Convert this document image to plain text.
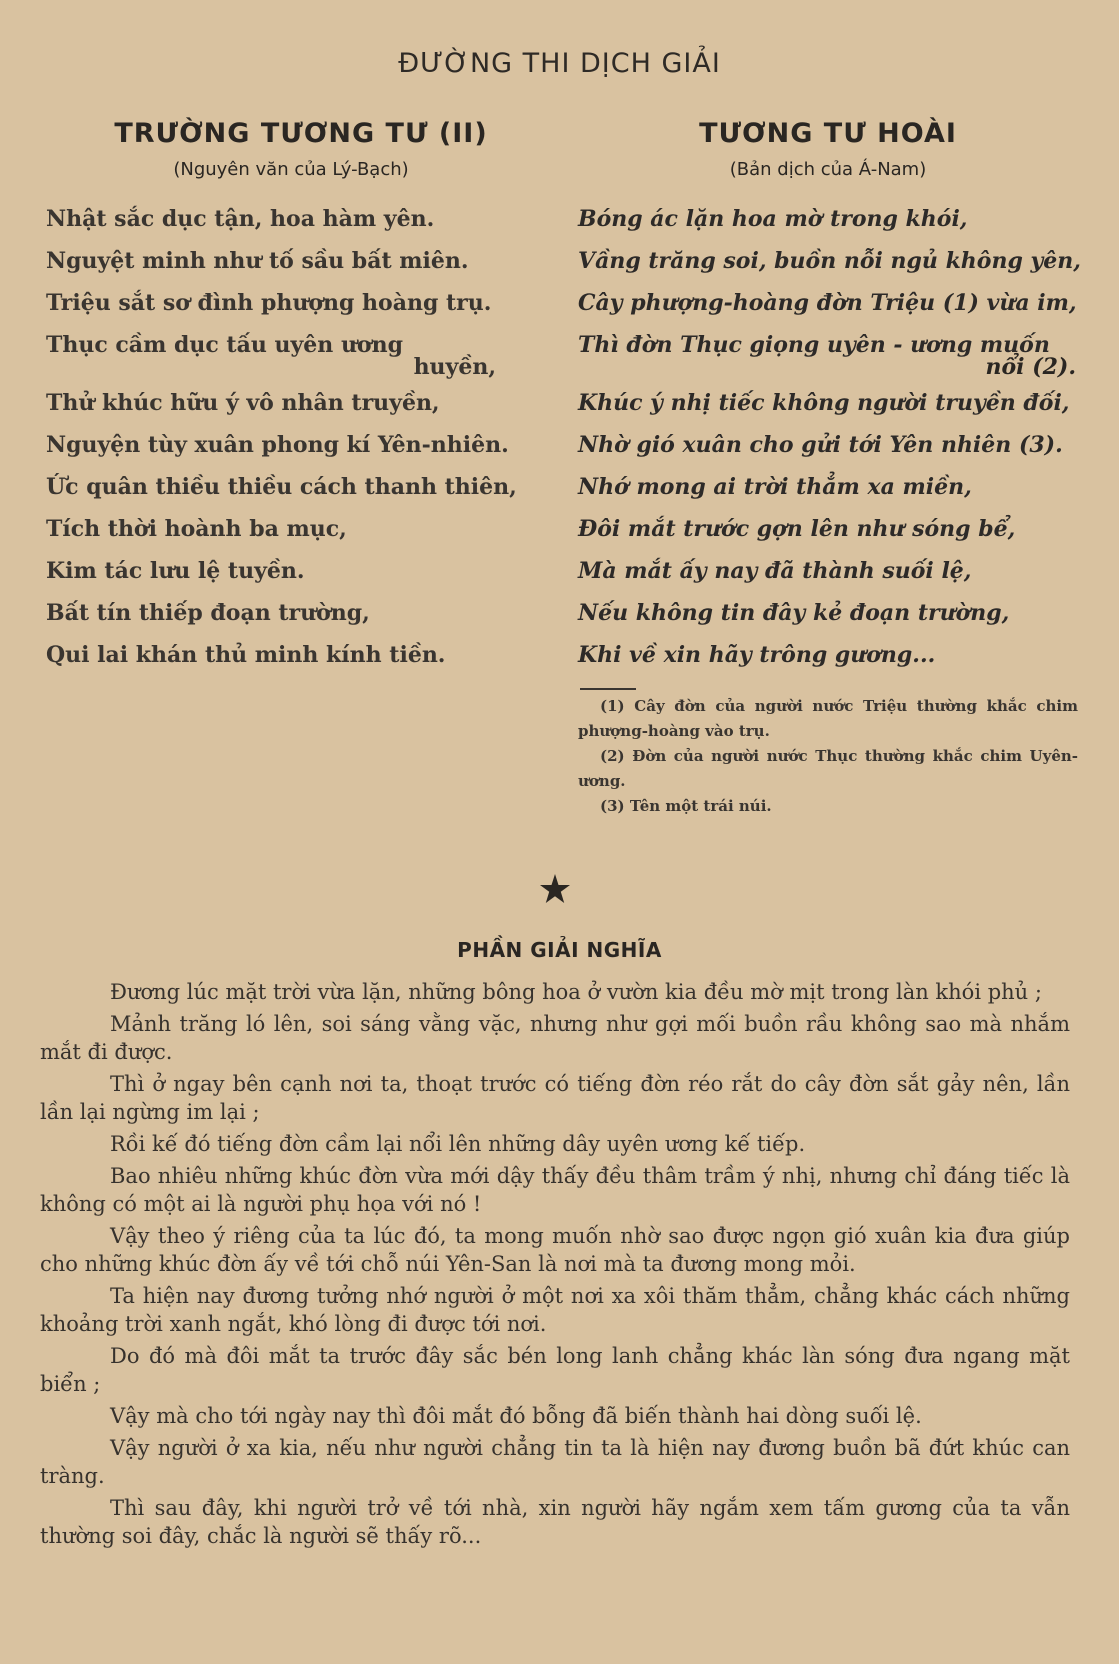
ĐƯỜNG THI DỊCH GIẢI
TRƯỜNG TƯƠNG TƯ (II)
(Nguyên văn của Lý-Bạch)
Nhật sắc dục tận, hoa hàm yên.
Nguyệt minh như tố sầu bất miên.
Triệu sắt sơ đình phượng hoàng trụ.
Thục cầm dục tấu uyên ương
huyền,
Thử khúc hữu ý vô nhân truyền,
Nguyện tùy xuân phong kí Yên-nhiên.
Ức quân thiều thiều cách thanh thiên,
Tích thời hoành ba mục,
Kim tác lưu lệ tuyền.
Bất tín thiếp đoạn trường,
Qui lai khán thủ minh kính tiền.
TƯƠNG TƯ HOÀI
(Bản dịch của Á-Nam)
Bóng ác lặn hoa mờ trong khói,
Vầng trăng soi, buồn nỗi ngủ không yên,
Cây phượng-hoàng đờn Triệu (1) vừa im,
Thì đờn Thục giọng uyên - ương muốn
nổi (2).
Khúc ý nhị tiếc không người truyền đối,
Nhờ gió xuân cho gửi tới Yên nhiên (3).
Nhớ mong ai trời thẳm xa miền,
Đôi mắt trước gợn lên như sóng bể,
Mà mắt ấy nay đã thành suối lệ,
Nếu không tin đây kẻ đoạn trường,
Khi về xin hãy trông gương...
(1) Cây đờn của người nước Triệu thường khắc chim phượng-hoàng vào trụ.
(2) Đờn của người nước Thục thường khắc chim Uyên-ương.
(3) Tên một trái núi.
PHẦN GIẢI NGHĨA

Đương lúc mặt trời vừa lặn, những bông hoa ở vườn kia đều mờ mịt trong làn khói phủ ;

Mảnh trăng ló lên, soi sáng vằng vặc, nhưng như gợi mối buồn rầu không sao mà nhắm mắt đi được.

Thì ở ngay bên cạnh nơi ta, thoạt trước có tiếng đờn réo rắt do cây đờn sắt gảy nên, lần lần lại ngừng im lại ;

Rồi kế đó tiếng đờn cầm lại nổi lên những dây uyên ương kế tiếp.

Bao nhiêu những khúc đờn vừa mới dậy thấy đều thâm trầm ý nhị, nhưng chỉ đáng tiếc là không có một ai là người phụ họa với nó !

Vậy theo ý riêng của ta lúc đó, ta mong muốn nhờ sao được ngọn gió xuân kia đưa giúp cho những khúc đờn ấy về tới chỗ núi Yên-San là nơi mà ta đương mong mỏi.

Ta hiện nay đương tưởng nhớ người ở một nơi xa xôi thăm thẳm, chẳng khác cách những khoảng trời xanh ngắt, khó lòng đi được tới nơi.

Do đó mà đôi mắt ta trước đây sắc bén long lanh chẳng khác làn sóng đưa ngang mặt biển ;

Vậy mà cho tới ngày nay thì đôi mắt đó bỗng đã biến thành hai dòng suối lệ.

Vậy người ở xa kia, nếu như người chẳng tin ta là hiện nay đương buồn bã đứt khúc can tràng.

Thì sau đây, khi người trở về tới nhà, xin người hãy ngắm xem tấm gương của ta vẫn thường soi đây, chắc là người sẽ thấy rõ...
